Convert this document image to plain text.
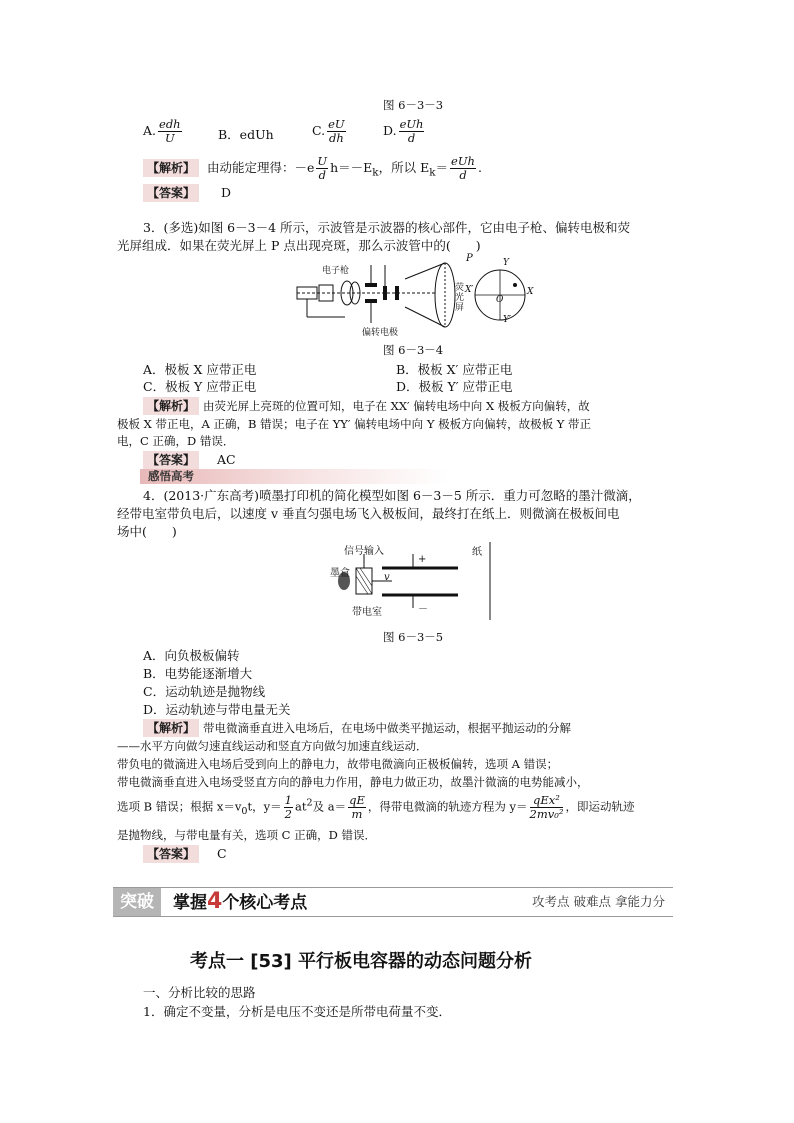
图 6－3－3
A. $\frac{\text{edh}}{U}$	B．edUh	C. $\frac{eU}{dh}$	D. $\frac{\text{eUh}}{d}$
【解析】 由动能定理得：$-e \frac{U}{d} h=-E_k$，所以 $E_k= \frac{\text{eUh}}{d}$ .
【答案】 D
3．(多选)如图 6－3－4 所示，示波管是示波器的核心部件，它由电子枪、偏转电极和荧
光屏组成．如果在荧光屏上 P 点出现亮斑，那么示波管中的(　　)
电子枪
偏转电极
荧光屏
P	Y
Y′
X
X′
O
图 6－3－4
A．极板 X 应带正电	B．极板 X′ 应带正电
C．极板 Y 应带正电	D．极板 Y′ 应带正电
【解析】 由荧光屏上亮斑的位置可知，电子在 XX′ 偏转电场中向 X 极板方向偏转，故
极板 X 带正电，A 正确，B 错误；电子在 YY′ 偏转电场中向 Y 极板方向偏转，故极板 Y 带正
电，C 正确，D 错误．
【答案】 AC
感悟高考
4．(2013·广东高考)喷墨打印机的简化模型如图 6－3－5 所示．重力可忽略的墨汁微滴，
经带电室带负电后，以速度 v 垂直匀强电场飞入极板间，最终打在纸上．则微滴在极板间电
场中(　　)
信号输入
墨盒
带电室
纸
+
－
v
图 6－3－5
A．向负极板偏转
B．电势能逐渐增大
C．运动轨迹是抛物线
D．运动轨迹与带电量无关
【解析】 带电微滴垂直进入电场后，在电场中做类平抛运动，根据平抛运动的分解
——水平方向做匀速直线运动和竖直方向做匀加速直线运动．
带负电的微滴进入电场后受到向上的静电力，故带电微滴向正极板偏转，选项 A 错误；
带电微滴垂直进入电场受竖直方向的静电力作用，静电力做正功，故墨汁微滴的电势能减小，
选项 B 错误；根据 $x=v_0t$，$y= \frac{1}{2} at^2$及 $a= \frac{qE}{m}$ ，得带电微滴的轨迹方程为 $y= \frac{\text{qEx²}}{\text{2mv₀²}}$ ，即运动轨迹
是抛物线，与带电量有关，选项 C 正确，D 错误．
【答案】 C
突破	掌握4个核心考点	攻考点 破难点 拿能力分
考点一 [53] 平行板电容器的动态问题分析
一、分析比较的思路
1．确定不变量，分析是电压不变还是所带电荷量不变．
